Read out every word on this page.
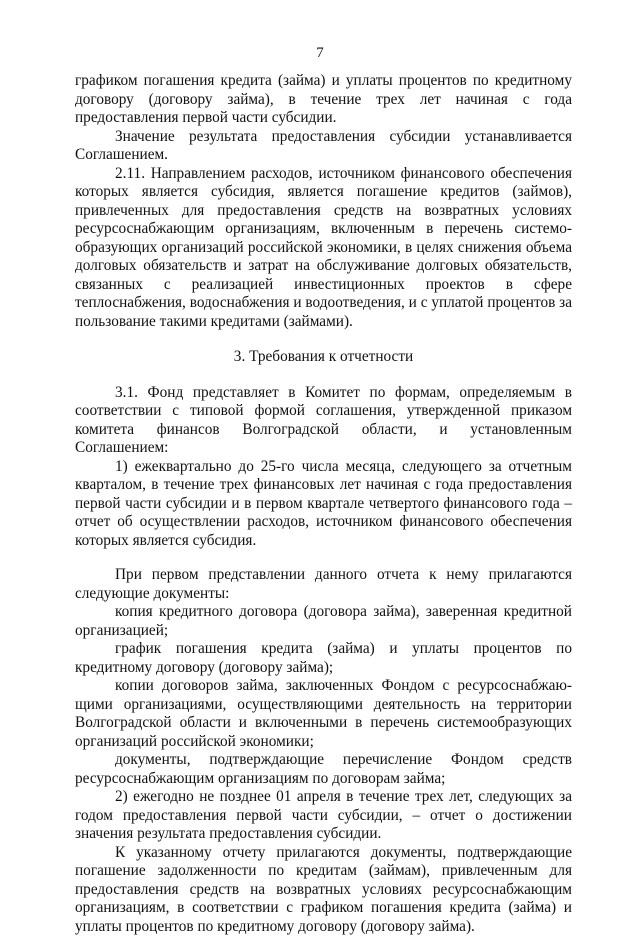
7

графиком погашения кредита (займа) и уплаты процентов по кредитному договору (договору займа), в течение трех лет начиная с года предоставления первой части субсидии.

Значение результата предоставления субсидии устанавливается Соглашением.

2.11. Направлением расходов, источником финансового обеспечения которых является субсидия, является погашение кредитов (займов), привлеченных для предоставления средств на возвратных условиях ресурсоснабжающим организациям, включенным в перечень системо-образующих организаций российской экономики, в целях снижения объема долговых обязательств и затрат на обслуживание долговых обязательств, связанных с реализацией инвестиционных проектов в сфере теплоснабжения, водоснабжения и водоотведения, и с уплатой процентов за пользование такими кредитами (займами).

3. Требования к отчетности

3.1. Фонд представляет в Комитет по формам, определяемым в соответствии с типовой формой соглашения, утвержденной приказом комитета финансов Волгоградской области, и установленным Соглашением:

1) ежеквартально до 25-го числа месяца, следующего за отчетным кварталом, в течение трех финансовых лет начиная с года предоставления первой части субсидии и в первом квартале четвертого финансового года – отчет об осуществлении расходов, источником финансового обеспечения которых является субсидия.

При первом представлении данного отчета к нему прилагаются следующие документы:

копия кредитного договора (договора займа), заверенная кредитной организацией;

график погашения кредита (займа) и уплаты процентов по кредитному договору (договору займа);

копии договоров займа, заключенных Фондом с ресурсоснабжаю-щими организациями, осуществляющими деятельность на территории Волгоградской области и включенными в перечень системообразующих организаций российской экономики;

документы, подтверждающие перечисление Фондом средств ресурсоснабжающим организациям по договорам займа;

2) ежегодно не позднее 01 апреля в течение трех лет, следующих за годом предоставления первой части субсидии, – отчет о достижении значения результата предоставления субсидии.

К указанному отчету прилагаются документы, подтверждающие погашение задолженности по кредитам (займам), привлеченным для предоставления средств на возвратных условиях ресурсоснабжающим организациям, в соответствии с графиком погашения кредита (займа) и уплаты процентов по кредитному договору (договору займа).
